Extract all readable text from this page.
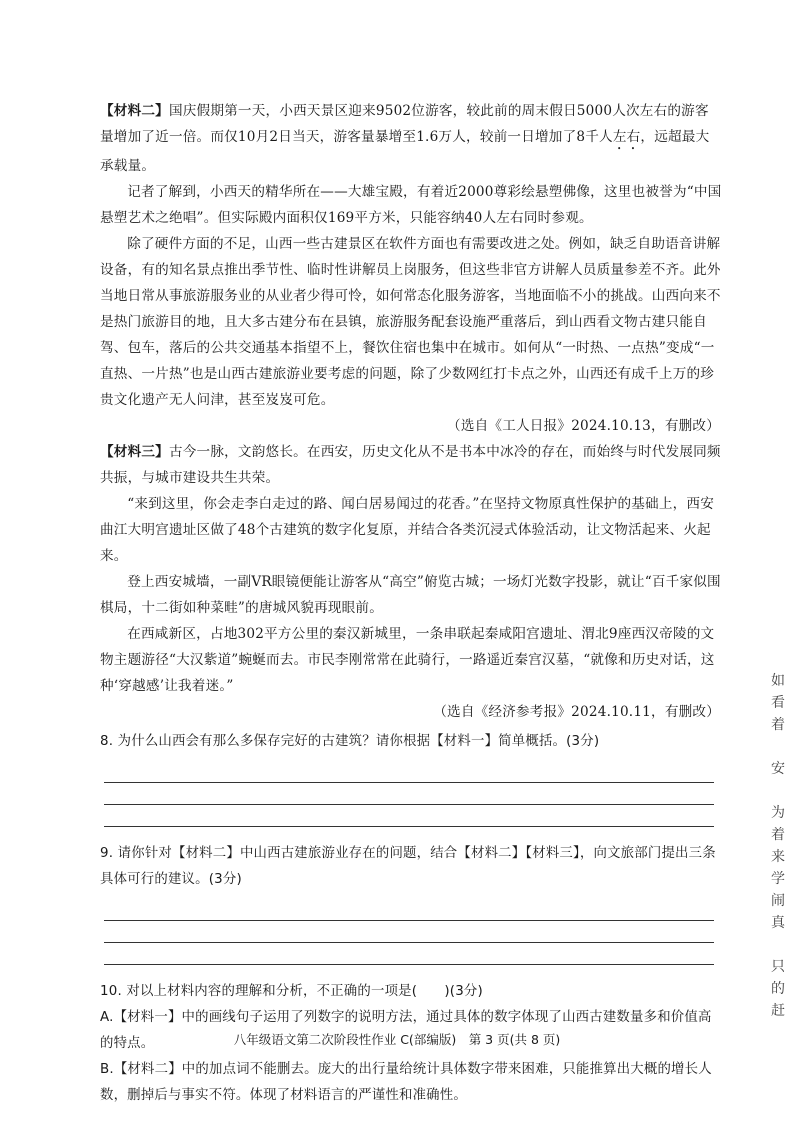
【材料二】国庆假期第一天，小西天景区迎来9502位游客，较此前的周末假日5000人次左右的游客量增加了近一倍。而仅10月2日当天，游客量暴增至1.6万人，较前一日增加了8千人左右，远超最大承载量。

记者了解到，小西天的精华所在——大雄宝殿，有着近2000尊彩绘悬塑佛像，这里也被誉为“中国悬塑艺术之绝唱”。但实际殿内面积仅169平方米，只能容纳40人左右同时参观。

除了硬件方面的不足，山西一些古建景区在软件方面也有需要改进之处。例如，缺乏自助语音讲解设备，有的知名景点推出季节性、临时性讲解员上岗服务，但这些非官方讲解人员质量参差不齐。此外当地日常从事旅游服务业的从业者少得可怜，如何常态化服务游客，当地面临不小的挑战。山西向来不是热门旅游目的地，且大多古建分布在县镇，旅游服务配套设施严重落后，到山西看文物古建只能自驾、包车，落后的公共交通基本指望不上，餐饮住宿也集中在城市。如何从“一时热、一点热”变成“一直热、一片热”也是山西古建旅游业要考虑的问题，除了少数网红打卡点之外，山西还有成千上万的珍贵文化遗产无人问津，甚至岌岌可危。

（选自《工人日报》2024.10.13，有删改）

【材料三】古今一脉，文韵悠长。在西安，历史文化从不是书本中冰冷的存在，而始终与时代发展同频共振，与城市建设共生共荣。

“来到这里，你会走李白走过的路、闻白居易闻过的花香。”在坚持文物原真性保护的基础上，西安曲江大明宫遗址区做了48个古建筑的数字化复原，并结合各类沉浸式体验活动，让文物活起来、火起来。

登上西安城墙，一副VR眼镜便能让游客从“高空”俯览古城；一场灯光数字投影，就让“百千家似围棋局，十二街如种菜畦”的唐城风貌再现眼前。

在西咸新区，占地302平方公里的秦汉新城里，一条串联起秦咸阳宫遗址、渭北9座西汉帝陵的文物主题游径“大汉紫道”蜿蜒而去。市民李刚常常在此骑行，一路遥近秦宫汉墓，“就像和历史对话，这种‘穿越感’让我着迷。”

（选自《经济参考报》2024.10.11，有删改）

8. 为什么山西会有那么多保存完好的古建筑？请你根据【材料一】简单概括。(3分)

9. 请你针对【材料二】中山西古建旅游业存在的问题，结合【材料二】【材料三】，向文旅部门提出三条具体可行的建议。(3分)

10. 对以上材料内容的理解和分析，不正确的一项是(　　)(3分)

A.【材料一】中的画线句子运用了列数字的说明方法，通过具体的数字体现了山西古建数量多和价值高的特点。

B.【材料二】中的加点词不能删去。庞大的出行量给统计具体数字带来困难，只能推算出大概的增长人数，删掉后与事实不符。体现了材料语言的严谨性和准确性。

八年级语文第二次阶段性作业 C(部编版)　第 3 页(共 8 页)
如
看
着
安
为
着
来
学
闹
真
只
的
赶
